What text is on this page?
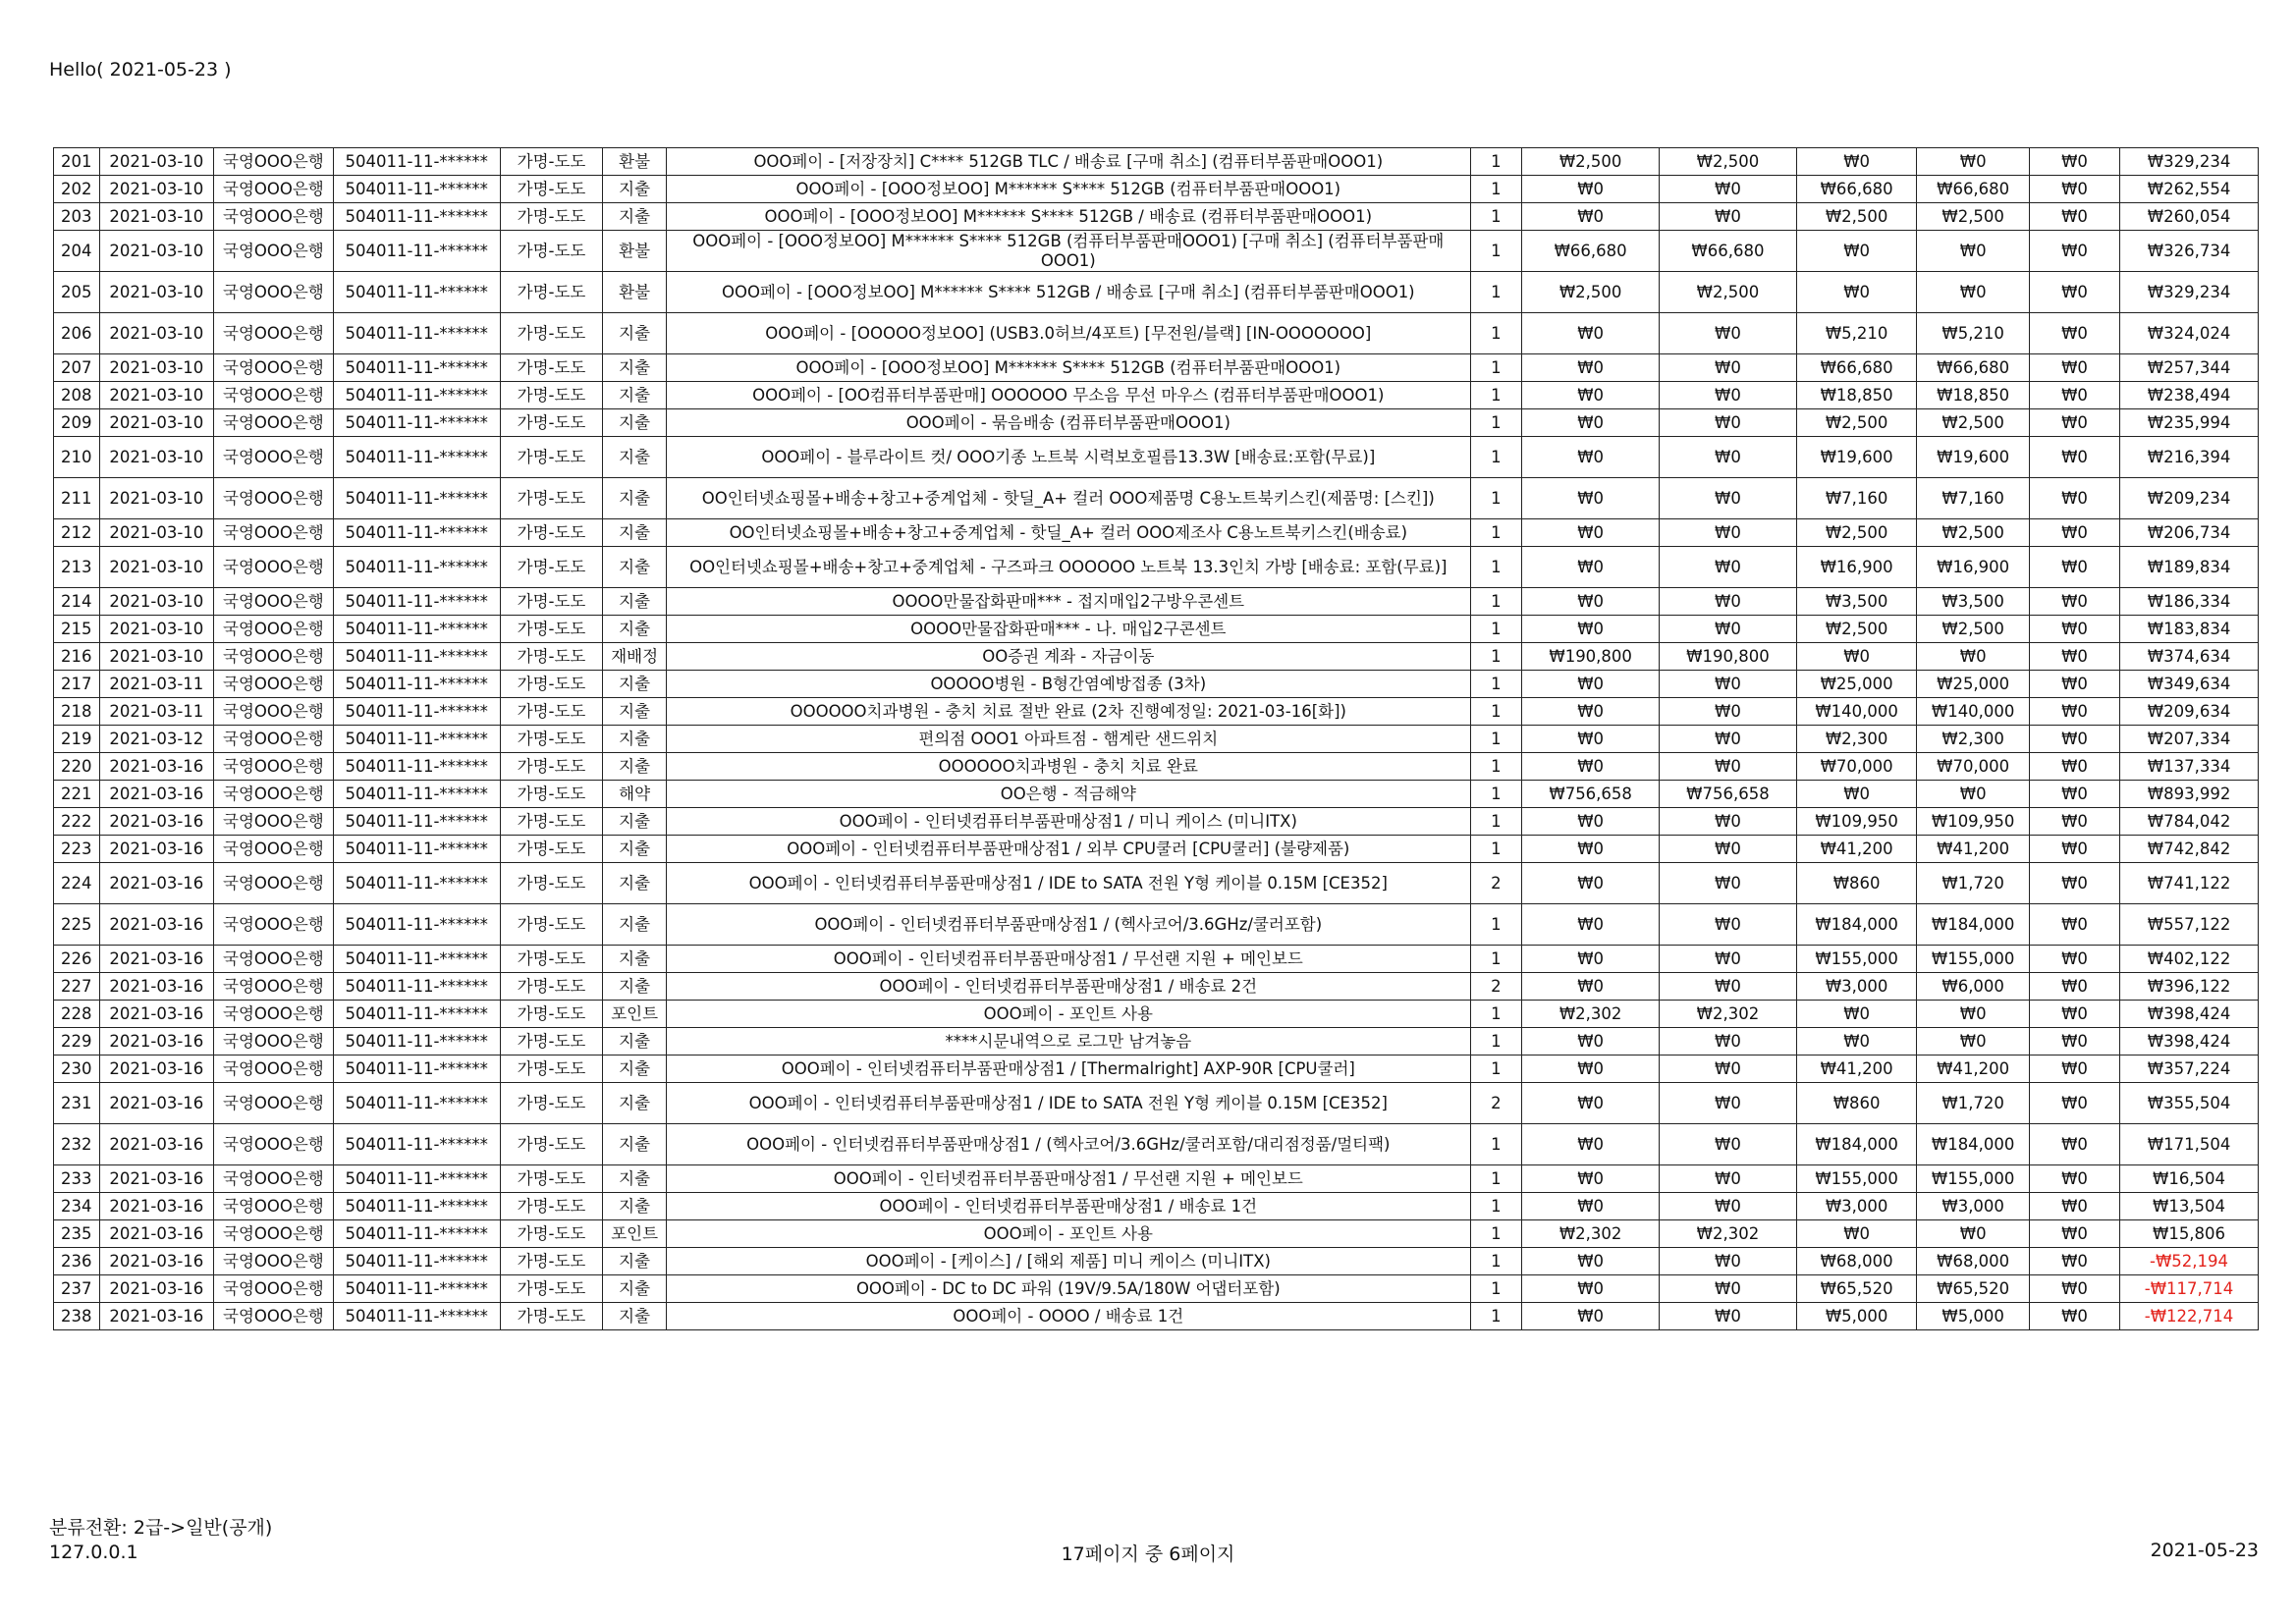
Hello( 2021-05-23 )
201	2021-03-10	국영OOO은행	504011-11-******	가명-도도	환불	OOO페이 - [저장장치] C**** 512GB TLC / 배송료 [구매 취소] (컴퓨터부품판매OOO1)	1	₩2,500	₩2,500	₩0	₩0	₩0	₩329,234
202	2021-03-10	국영OOO은행	504011-11-******	가명-도도	지출	OOO페이 - [OOO정보OO] M****** S**** 512GB (컴퓨터부품판매OOO1)	1	₩0	₩0	₩66,680	₩66,680	₩0	₩262,554
203	2021-03-10	국영OOO은행	504011-11-******	가명-도도	지출	OOO페이 - [OOO정보OO] M****** S**** 512GB / 배송료 (컴퓨터부품판매OOO1)	1	₩0	₩0	₩2,500	₩2,500	₩0	₩260,054
204	2021-03-10	국영OOO은행	504011-11-******	가명-도도	환불	OOO페이 - [OOO정보OO] M****** S**** 512GB (컴퓨터부품판매OOO1) [구매 취소] (컴퓨터부품판매OOO1)	1	₩66,680	₩66,680	₩0	₩0	₩0	₩326,734
205	2021-03-10	국영OOO은행	504011-11-******	가명-도도	환불	OOO페이 - [OOO정보OO] M****** S**** 512GB / 배송료 [구매 취소] (컴퓨터부품판매OOO1)	1	₩2,500	₩2,500	₩0	₩0	₩0	₩329,234
206	2021-03-10	국영OOO은행	504011-11-******	가명-도도	지출	OOO페이 - [OOOOO정보OO] (USB3.0허브/4포트) [무전원/블랙] [IN-OOOOOOO]	1	₩0	₩0	₩5,210	₩5,210	₩0	₩324,024
207	2021-03-10	국영OOO은행	504011-11-******	가명-도도	지출	OOO페이 - [OOO정보OO] M****** S**** 512GB (컴퓨터부품판매OOO1)	1	₩0	₩0	₩66,680	₩66,680	₩0	₩257,344
208	2021-03-10	국영OOO은행	504011-11-******	가명-도도	지출	OOO페이 - [OO컴퓨터부품판매] OOOOOO 무소음 무선 마우스 (컴퓨터부품판매OOO1)	1	₩0	₩0	₩18,850	₩18,850	₩0	₩238,494
209	2021-03-10	국영OOO은행	504011-11-******	가명-도도	지출	OOO페이 - 묶음배송 (컴퓨터부품판매OOO1)	1	₩0	₩0	₩2,500	₩2,500	₩0	₩235,994
210	2021-03-10	국영OOO은행	504011-11-******	가명-도도	지출	OOO페이 - 블루라이트 컷/ OOO기종 노트북 시력보호필름13.3W [배송료:포함(무료)]	1	₩0	₩0	₩19,600	₩19,600	₩0	₩216,394
211	2021-03-10	국영OOO은행	504011-11-******	가명-도도	지출	OO인터넷쇼핑몰+배송+창고+중계업체 - 핫딜_A+ 컬러 OOO제품명 C용노트북키스킨(제품명: [스킨])	1	₩0	₩0	₩7,160	₩7,160	₩0	₩209,234
212	2021-03-10	국영OOO은행	504011-11-******	가명-도도	지출	OO인터넷쇼핑몰+배송+창고+중계업체 - 핫딜_A+ 컬러 OOO제조사 C용노트북키스킨(배송료)	1	₩0	₩0	₩2,500	₩2,500	₩0	₩206,734
213	2021-03-10	국영OOO은행	504011-11-******	가명-도도	지출	OO인터넷쇼핑몰+배송+창고+중계업체 - 구즈파크 OOOOOO 노트북 13.3인치 가방 [배송료: 포함(무료)]	1	₩0	₩0	₩16,900	₩16,900	₩0	₩189,834
214	2021-03-10	국영OOO은행	504011-11-******	가명-도도	지출	OOOO만물잡화판매*** - 접지매입2구방우콘센트	1	₩0	₩0	₩3,500	₩3,500	₩0	₩186,334
215	2021-03-10	국영OOO은행	504011-11-******	가명-도도	지출	OOOO만물잡화판매*** - 나. 매입2구콘센트	1	₩0	₩0	₩2,500	₩2,500	₩0	₩183,834
216	2021-03-10	국영OOO은행	504011-11-******	가명-도도	재배정	OO증권 계좌 - 자금이동	1	₩190,800	₩190,800	₩0	₩0	₩0	₩374,634
217	2021-03-11	국영OOO은행	504011-11-******	가명-도도	지출	OOOOO병원 - B형간염예방접종 (3차)	1	₩0	₩0	₩25,000	₩25,000	₩0	₩349,634
218	2021-03-11	국영OOO은행	504011-11-******	가명-도도	지출	OOOOOO치과병원 - 충치 치료 절반 완료 (2차 진행예정일: 2021-03-16[화])	1	₩0	₩0	₩140,000	₩140,000	₩0	₩209,634
219	2021-03-12	국영OOO은행	504011-11-******	가명-도도	지출	편의점 OOO1 아파트점 - 햄계란 샌드위치	1	₩0	₩0	₩2,300	₩2,300	₩0	₩207,334
220	2021-03-16	국영OOO은행	504011-11-******	가명-도도	지출	OOOOOO치과병원 - 충치 치료 완료	1	₩0	₩0	₩70,000	₩70,000	₩0	₩137,334
221	2021-03-16	국영OOO은행	504011-11-******	가명-도도	해약	OO은행 - 적금해약	1	₩756,658	₩756,658	₩0	₩0	₩0	₩893,992
222	2021-03-16	국영OOO은행	504011-11-******	가명-도도	지출	OOO페이 - 인터넷컴퓨터부품판매상점1 / 미니 케이스 (미니ITX)	1	₩0	₩0	₩109,950	₩109,950	₩0	₩784,042
223	2021-03-16	국영OOO은행	504011-11-******	가명-도도	지출	OOO페이 - 인터넷컴퓨터부품판매상점1 / 외부 CPU쿨러 [CPU쿨러] (불량제품)	1	₩0	₩0	₩41,200	₩41,200	₩0	₩742,842
224	2021-03-16	국영OOO은행	504011-11-******	가명-도도	지출	OOO페이 - 인터넷컴퓨터부품판매상점1 / IDE to SATA 전원 Y형 케이블 0.15M [CE352]	2	₩0	₩0	₩860	₩1,720	₩0	₩741,122
225	2021-03-16	국영OOO은행	504011-11-******	가명-도도	지출	OOO페이 - 인터넷컴퓨터부품판매상점1 / (헥사코어/3.6GHz/쿨러포함)	1	₩0	₩0	₩184,000	₩184,000	₩0	₩557,122
226	2021-03-16	국영OOO은행	504011-11-******	가명-도도	지출	OOO페이 - 인터넷컴퓨터부품판매상점1 / 무선랜 지원 + 메인보드	1	₩0	₩0	₩155,000	₩155,000	₩0	₩402,122
227	2021-03-16	국영OOO은행	504011-11-******	가명-도도	지출	OOO페이 - 인터넷컴퓨터부품판매상점1 / 배송료 2건	2	₩0	₩0	₩3,000	₩6,000	₩0	₩396,122
228	2021-03-16	국영OOO은행	504011-11-******	가명-도도	포인트	OOO페이 - 포인트 사용	1	₩2,302	₩2,302	₩0	₩0	₩0	₩398,424
229	2021-03-16	국영OOO은행	504011-11-******	가명-도도	지출	****시문내역으로 로그만 남겨놓음	1	₩0	₩0	₩0	₩0	₩0	₩398,424
230	2021-03-16	국영OOO은행	504011-11-******	가명-도도	지출	OOO페이 - 인터넷컴퓨터부품판매상점1 / [Thermalright] AXP-90R [CPU쿨러]	1	₩0	₩0	₩41,200	₩41,200	₩0	₩357,224
231	2021-03-16	국영OOO은행	504011-11-******	가명-도도	지출	OOO페이 - 인터넷컴퓨터부품판매상점1 / IDE to SATA 전원 Y형 케이블 0.15M [CE352]	2	₩0	₩0	₩860	₩1,720	₩0	₩355,504
232	2021-03-16	국영OOO은행	504011-11-******	가명-도도	지출	OOO페이 - 인터넷컴퓨터부품판매상점1 / (헥사코어/3.6GHz/쿨러포함/대리점정품/멀티팩)	1	₩0	₩0	₩184,000	₩184,000	₩0	₩171,504
233	2021-03-16	국영OOO은행	504011-11-******	가명-도도	지출	OOO페이 - 인터넷컴퓨터부품판매상점1 / 무선랜 지원 + 메인보드	1	₩0	₩0	₩155,000	₩155,000	₩0	₩16,504
234	2021-03-16	국영OOO은행	504011-11-******	가명-도도	지출	OOO페이 - 인터넷컴퓨터부품판매상점1 / 배송료 1건	1	₩0	₩0	₩3,000	₩3,000	₩0	₩13,504
235	2021-03-16	국영OOO은행	504011-11-******	가명-도도	포인트	OOO페이 - 포인트 사용	1	₩2,302	₩2,302	₩0	₩0	₩0	₩15,806
236	2021-03-16	국영OOO은행	504011-11-******	가명-도도	지출	OOO페이 - [케이스] / [해외 제품] 미니 케이스 (미니ITX)	1	₩0	₩0	₩68,000	₩68,000	₩0	-₩52,194
237	2021-03-16	국영OOO은행	504011-11-******	가명-도도	지출	OOO페이 - DC to DC 파워 (19V/9.5A/180W 어댑터포함)	1	₩0	₩0	₩65,520	₩65,520	₩0	-₩117,714
238	2021-03-16	국영OOO은행	504011-11-******	가명-도도	지출	OOO페이 - OOOO / 배송료 1건	1	₩0	₩0	₩5,000	₩5,000	₩0	-₩122,714
분류전환: 2급->일반(공개)
127.0.0.1	17페이지 중 6페이지	2021-05-23
